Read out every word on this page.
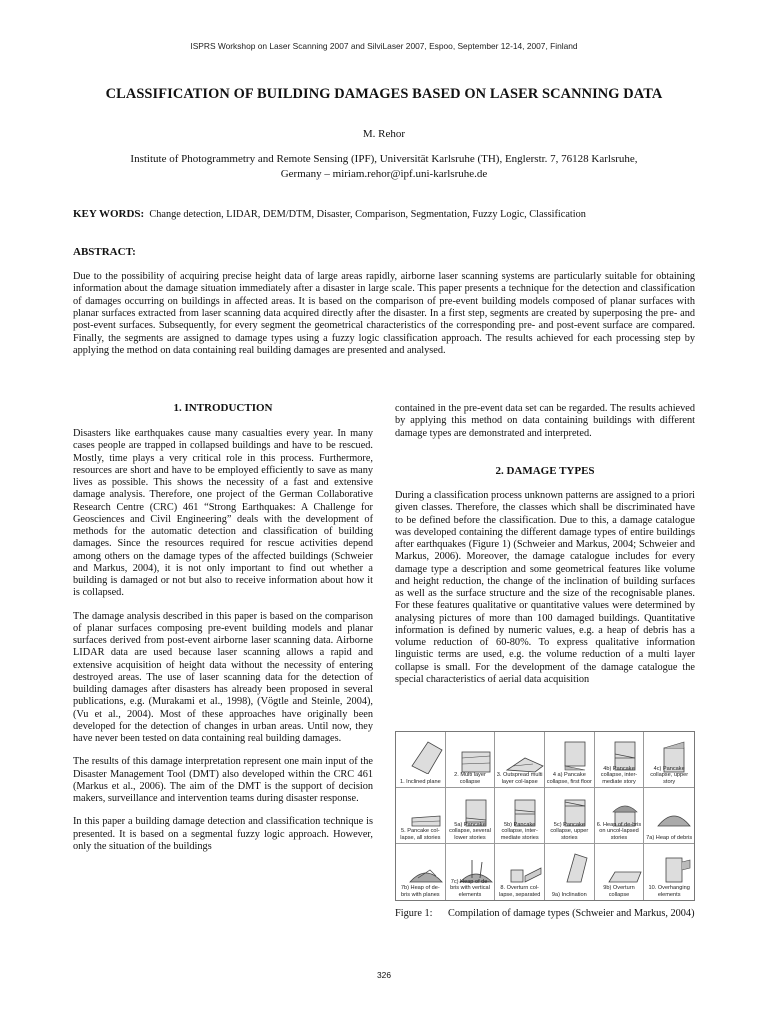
ISPRS Workshop on Laser Scanning 2007 and SilviLaser 2007, Espoo, September 12-14, 2007, Finland
CLASSIFICATION OF BUILDING DAMAGES BASED ON LASER SCANNING DATA
M. Rehor
Institute of Photogrammetry and Remote Sensing (IPF), Universität Karlsruhe (TH), Englerstr. 7, 76128 Karlsruhe,
Germany – miriam.rehor@ipf.uni-karlsruhe.de
KEY WORDS: Change detection, LIDAR, DEM/DTM, Disaster, Comparison, Segmentation, Fuzzy Logic, Classification
ABSTRACT:
Due to the possibility of acquiring precise height data of large areas rapidly, airborne laser scanning systems are particularly suitable for obtaining information about the damage situation immediately after a disaster in large scale. This paper presents a technique for the detection and classification of damages occurring on buildings in affected areas. It is based on the comparison of pre-event building models composed of planar surfaces with planar surfaces extracted from laser scanning data acquired directly after the disaster. In a first step, segments are created by superposing the pre- and post-event surfaces. Subsequently, for every segment the geometrical characteristics of the corresponding pre- and post-event surface are compared. Finally, the segments are assigned to damage types using a fuzzy logic classification approach. The results achieved for each processing step by applying the method on data containing real building damages are presented and analysed.
1. INTRODUCTION

Disasters like earthquakes cause many casualties every year. In many cases people are trapped in collapsed buildings and have to be rescued. Mostly, time plays a very critical role in this process. Furthermore, resources are short and have to be employed efficiently to save as many lives as possible. This shows the necessity of a fast and extensive damage analysis. Therefore, one project of the German Collaborative Research Centre (CRC) 461 “Strong Earthquakes: A Challenge for Geosciences and Civil Engineering” deals with the development of methods for the automatic detection and classification of building damages. Since the resources required for rescue activities depend among others on the damage types of the affected buildings (Schweier and Markus, 2004), it is not only important to find out whether a building is damaged or not but also to receive information about how it is collapsed.

The damage analysis described in this paper is based on the comparison of planar surfaces composing pre-event building models and planar surfaces derived from post-event airborne laser scanning data. Airborne LIDAR data are used because laser scanning allows a rapid and extensive acquisition of height data without the necessity of entering destroyed areas. The use of laser scanning data for the detection of building damages after disasters has already been proposed in several publications, e.g. (Murakami et al., 1998), (Vögtle and Steinle, 2004), (Vu et al., 2004). Most of these approaches have originally been developed for the detection of changes in urban areas. Until now, they have never been tested on data containing real building damages.

The results of this damage interpretation represent one main input of the Disaster Management Tool (DMT) also developed within the CRC 461 (Markus et al., 2006). The aim of the DMT is the support of decision makers, surveillance and intervention teams during disaster response.

In this paper a building damage detection and classification technique is presented. It is based on a segmental fuzzy logic approach. However, only the situation of the buildings

contained in the pre-event data set can be regarded. The results achieved by applying this method on data containing buildings with different damage types are demonstrated and interpreted.

2. DAMAGE TYPES

During a classification process unknown patterns are assigned to a priori given classes. Therefore, the classes which shall be discriminated have to be defined before the classification. Due to this, a damage catalogue was developed containing the different damage types of entire buildings after earthquakes (Figure 1) (Schweier and Markus, 2004; Schweier and Markus, 2006). Moreover, the damage catalogue includes for every damage type a description and some geometrical features like volume and height reduction, the change of the inclination of building surfaces as well as the surface structure and the size of the recognisable planes. For these features qualitative or quantitative values were determined by analysing pictures of more than 100 damaged buildings. Quantitative information is defined by numeric values, e.g. a heap of debris has a volume reduction of 60-80%. To express qualitative information linguistic terms are used, e.g. the volume reduction of a multi layer collapse is small. For the development of the damage catalogue the special characteristics of aerial data acquisition

1. Inclined plane
2. Multi layer collapse
3. Outspread multi layer col-lapse
4 a) Pancake collapse, first floor
4b) Pancake collapse, inter-mediate story
4c) Pancake collapse, upper story
5. Pancake col-lapse, all stories
5a) Pancake collapse, several lower stories
5b) Pancake collapse, inter-mediate stories
5c) Pancake collapse, upper stories
6. Heap of de-bris on uncol-lapsed stories	7a) Heap of debris
7b) Heap of de-bris with planes
7c) Heap of de-bris with vertical elements
8. Overturn col-lapse, separated	9a) Inclination
9b) Overturn collapse
10. Overhanging elements
Figure 1: Compilation of damage types (Schweier and Markus, 2004)
326
